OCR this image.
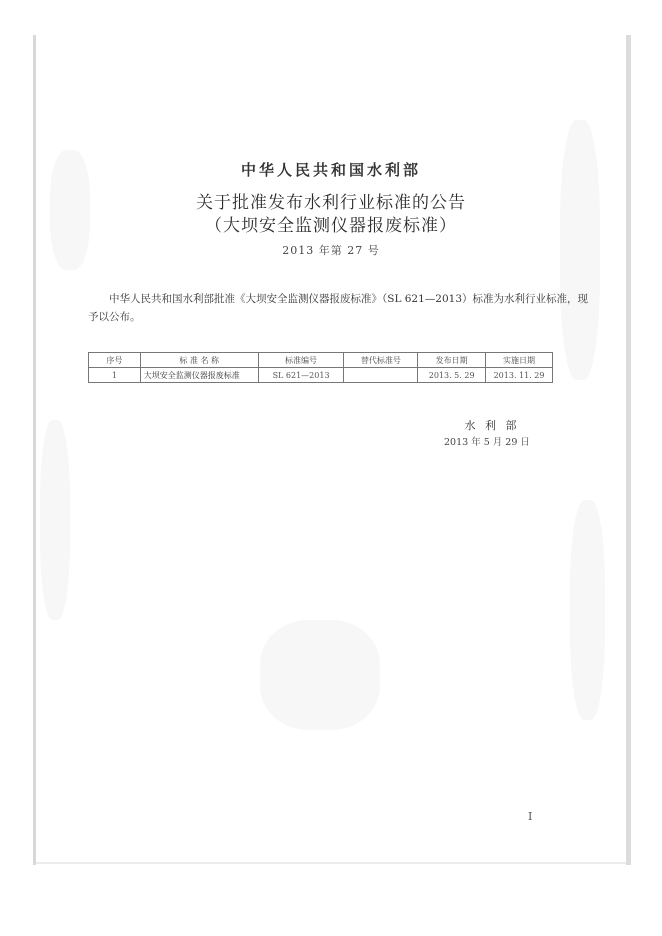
中华人民共和国水利部
关于批准发布水利行业标准的公告
（大坝安全监测仪器报废标准）
2013 年第 27 号
中华人民共和国水利部批准《大坝安全监测仪器报废标准》（SL 621—2013）标准为水利行业标准，现予以公布。
序号	标 准 名 称	标准编号	替代标准号	发布日期	实施日期
1	大坝安全监测仪器报废标准	SL 621—2013		2013. 5. 29	2013. 11. 29
水 利 部
2013 年 5 月 29 日
I
